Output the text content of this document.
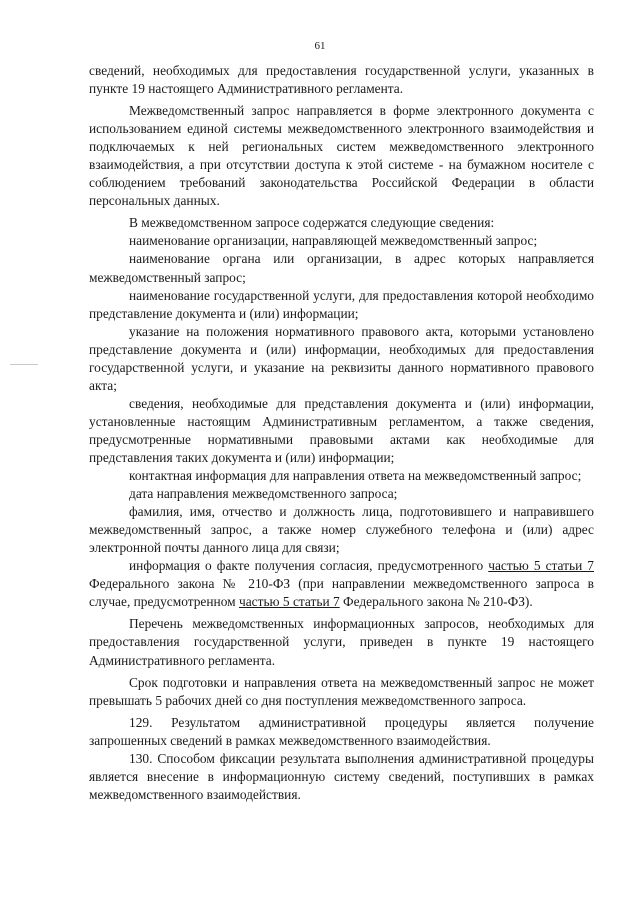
61

сведений, необходимых для предоставления государственной услуги, указанных в пункте 19 настоящего Административного регламента.

Межведомственный запрос направляется в форме электронного документа с использованием единой системы межведомственного электронного взаимодействия и подключаемых к ней региональных систем межведомственного электронного взаимодействия, а при отсутствии доступа к этой системе - на бумажном носителе с соблюдением требований законодательства Российской Федерации в области персональных данных.

В межведомственном запросе содержатся следующие сведения:

наименование организации, направляющей межведомственный запрос;

наименование органа или организации, в адрес которых направляется межведомственный запрос;

наименование государственной услуги, для предоставления которой необходимо представление документа и (или) информации;

указание на положения нормативного правового акта, которыми установлено представление документа и (или) информации, необходимых для предоставления государственной услуги, и указание на реквизиты данного нормативного правового акта;

сведения, необходимые для представления документа и (или) информации, установленные настоящим Административным регламентом, а также сведения, предусмотренные нормативными правовыми актами как необходимые для представления таких документа и (или) информации;

контактная информация для направления ответа на межведомственный запрос;

дата направления межведомственного запроса;

фамилия, имя, отчество и должность лица, подготовившего и направившего межведомственный запрос, а также номер служебного телефона и (или) адрес электронной почты данного лица для связи;

информация о факте получения согласия, предусмотренного частью 5 статьи 7 Федерального закона № 210-ФЗ (при направлении межведомственного запроса в случае, предусмотренном частью 5 статьи 7 Федерального закона № 210-ФЗ).

Перечень межведомственных информационных запросов, необходимых для предоставления государственной услуги, приведен в пункте 19 настоящего Административного регламента.

Срок подготовки и направления ответа на межведомственный запрос не может превышать 5 рабочих дней со дня поступления межведомственного запроса.

129. Результатом административной процедуры является получение запрошенных сведений в рамках межведомственного взаимодействия.

130. Способом фиксации результата выполнения административной процедуры является внесение в информационную систему сведений, поступивших в рамках межведомственного взаимодействия.
